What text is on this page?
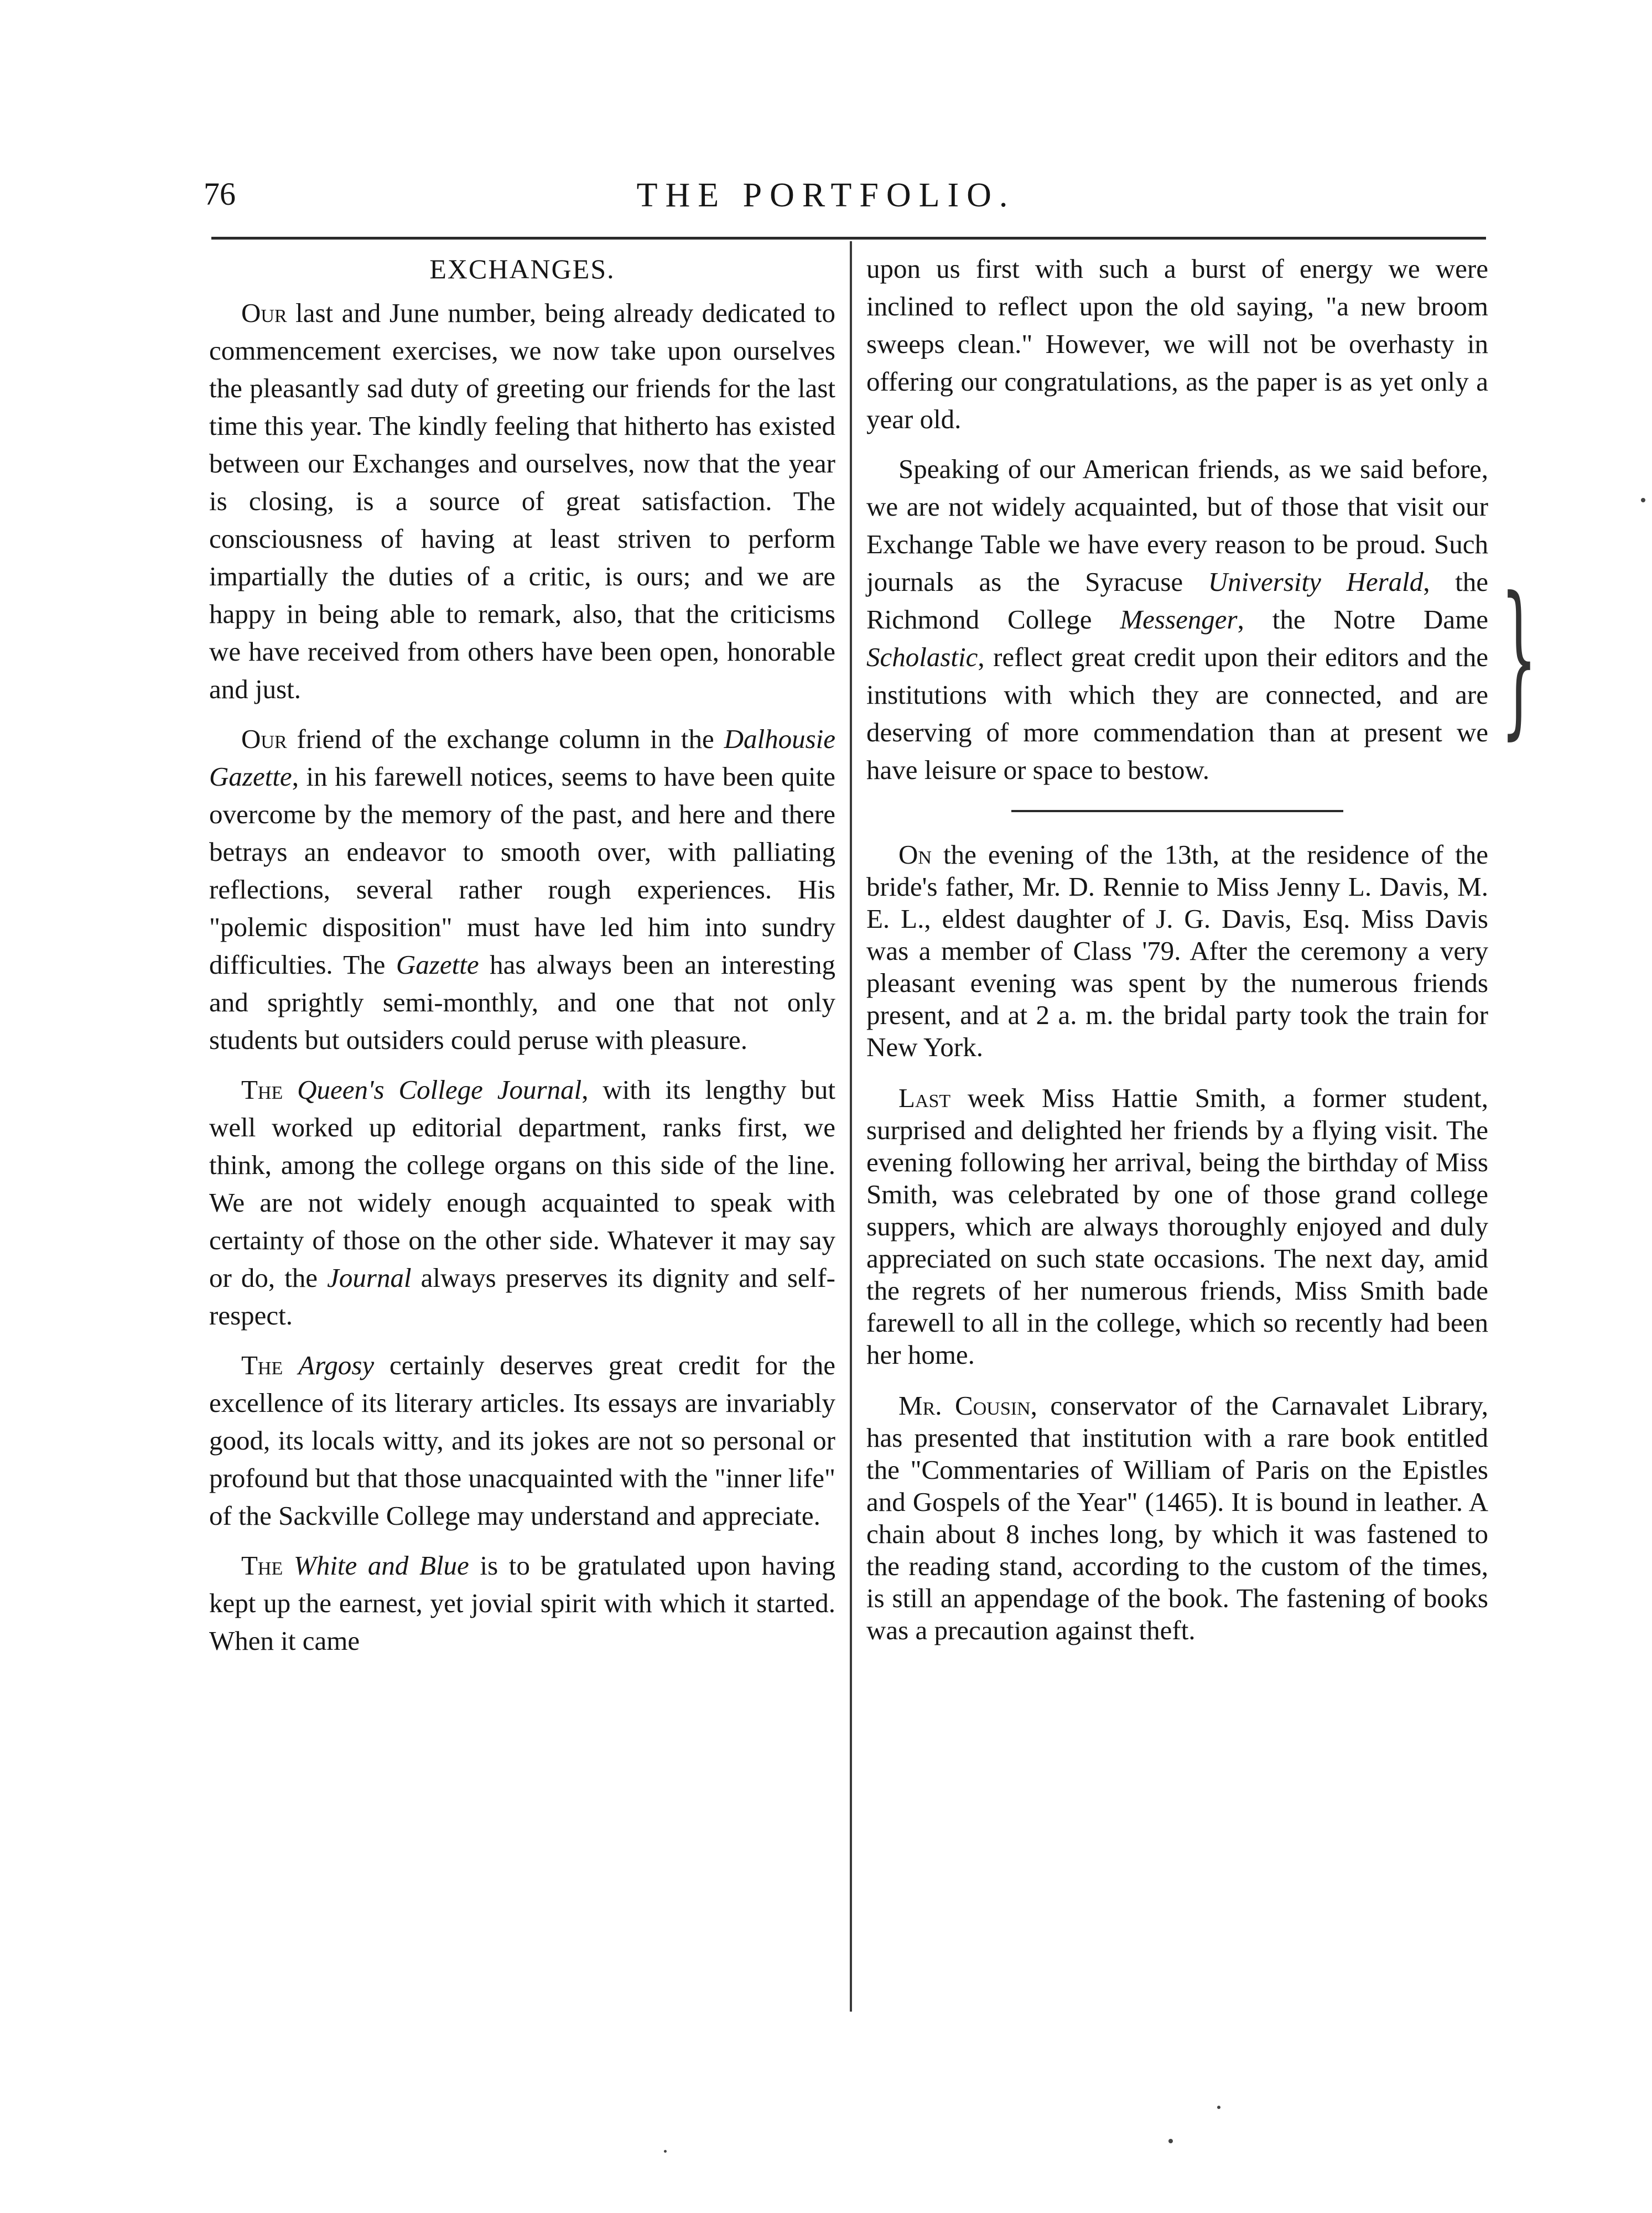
76	THE PORTFOLIO.
EXCHANGES.

Our last and June number, being already dedicated to commencement exercises, we now take upon ourselves the pleasantly sad duty of greeting our friends for the last time this year. The kindly feeling that hitherto has existed between our Exchanges and ourselves, now that the year is closing, is a source of great satisfaction. The consciousness of having at least striven to perform impartially the duties of a critic, is ours; and we are happy in being able to remark, also, that the criticisms we have received from others have been open, honorable and just.

Our friend of the exchange column in the Dalhousie Gazette, in his farewell notices, seems to have been quite overcome by the memory of the past, and here and there betrays an endeavor to smooth over, with palliating reflections, several rather rough experiences. His "polemic disposition" must have led him into sundry difficulties. The Gazette has always been an interesting and sprightly semi-monthly, and one that not only students but outsiders could peruse with pleasure.

The Queen's College Journal, with its lengthy but well worked up editorial department, ranks first, we think, among the college organs on this side of the line. We are not widely enough acquainted to speak with certainty of those on the other side. Whatever it may say or do, the Journal always preserves its dignity and self-respect.

The Argosy certainly deserves great credit for the excellence of its literary articles. Its essays are invariably good, its locals witty, and its jokes are not so personal or profound but that those unacquainted with the "inner life" of the Sackville College may understand and appreciate.

The White and Blue is to be gratulated upon having kept up the earnest, yet jovial spirit with which it started. When it came

upon us first with such a burst of energy we were inclined to reflect upon the old saying, "a new broom sweeps clean." However, we will not be overhasty in offering our congratulations, as the paper is as yet only a year old.

Speaking of our American friends, as we said before, we are not widely acquainted, but of those that visit our Exchange Table we have every reason to be proud. Such journals as the Syracuse University Herald, the Richmond College Messenger, the Notre Dame Scholastic, reflect great credit upon their editors and the institutions with which they are connected, and are deserving of more commendation than at present we have leisure or space to bestow.

On the evening of the 13th, at the residence of the bride's father, Mr. D. Rennie to Miss Jenny L. Davis, M. E. L., eldest daughter of J. G. Davis, Esq. Miss Davis was a member of Class '79. After the ceremony a very pleasant evening was spent by the numerous friends present, and at 2 a. m. the bridal party took the train for New York.

Last week Miss Hattie Smith, a former student, surprised and delighted her friends by a flying visit. The evening following her arrival, being the birthday of Miss Smith, was celebrated by one of those grand college suppers, which are always thoroughly enjoyed and duly appreciated on such state occasions. The next day, amid the regrets of her numerous friends, Miss Smith bade farewell to all in the college, which so recently had been her home.

Mr. Cousin, conservator of the Carnavalet Library, has presented that institution with a rare book entitled the "Commentaries of William of Paris on the Epistles and Gospels of the Year" (1465). It is bound in leather. A chain about 8 inches long, by which it was fastened to the reading stand, according to the custom of the times, is still an appendage of the book. The fastening of books was a precaution against theft.

}
